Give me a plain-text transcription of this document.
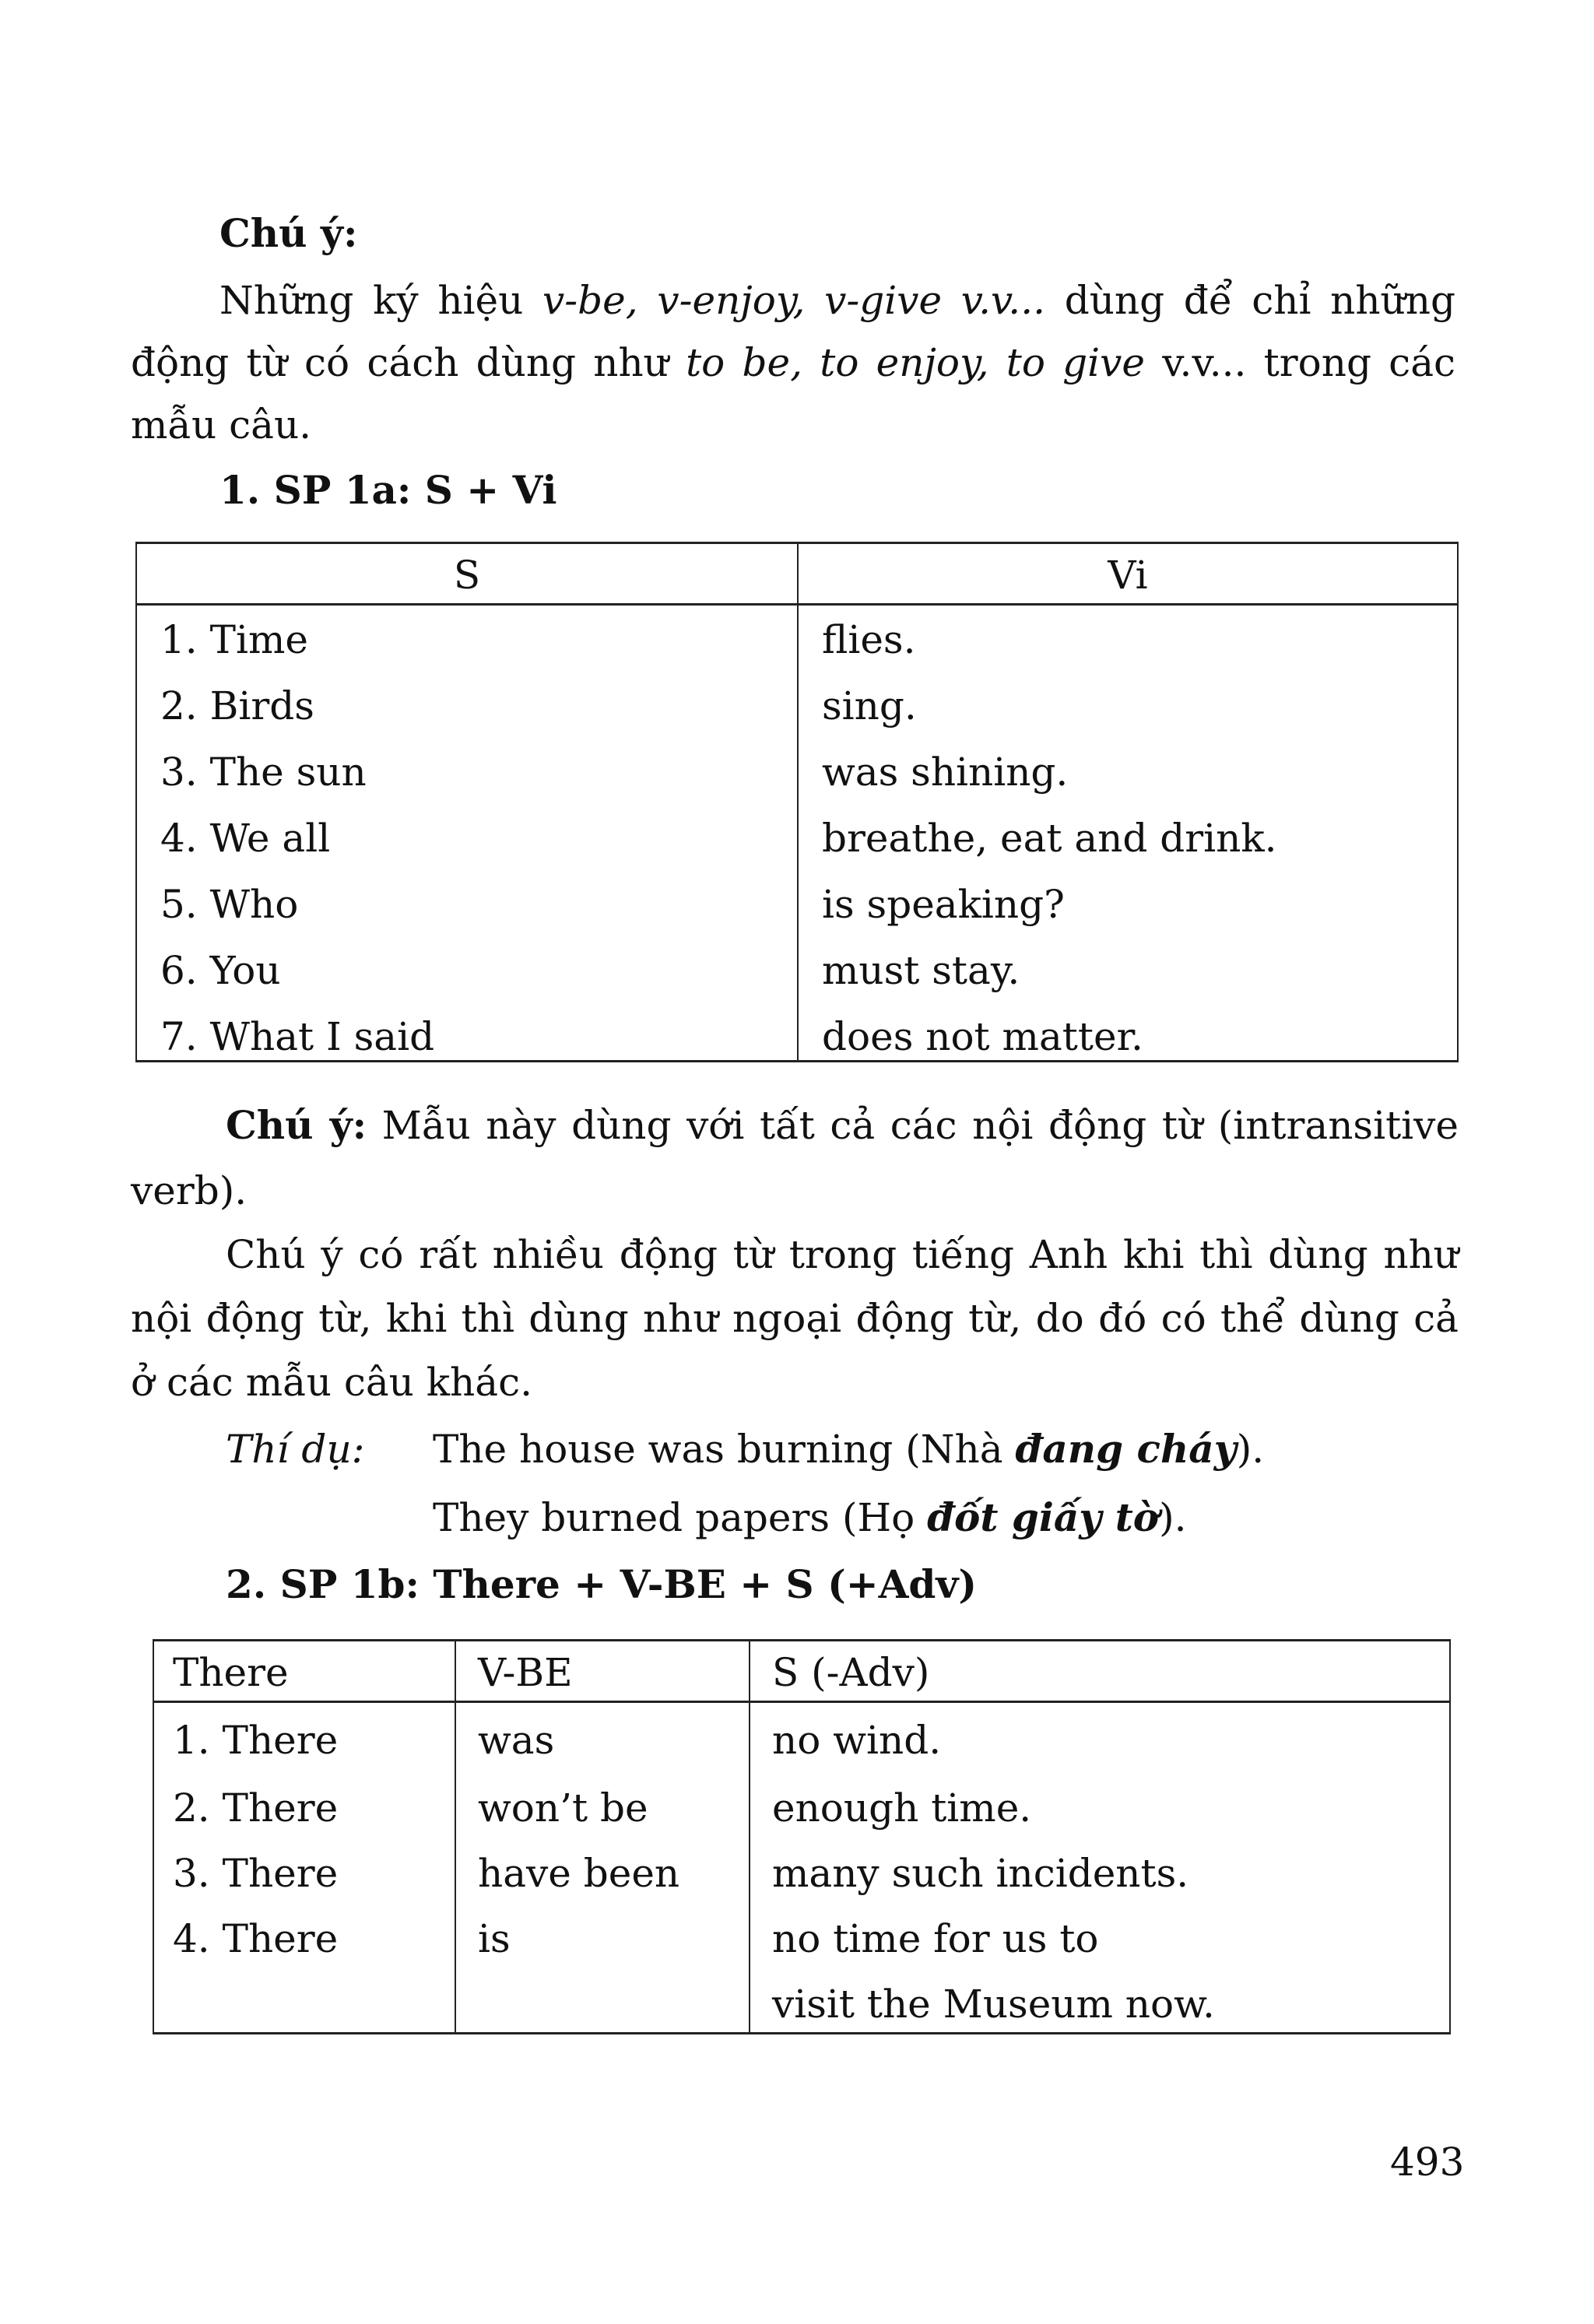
Chú ý:
Những ký hiệu v-be, v-enjoy, v-give v.v... dùng để chỉ những
động từ có cách dùng như to be, to enjoy, to give v.v... trong các
mẫu câu.
1. SP 1a: S + Vi
S	Vi
1. Time	flies.
2. Birds	sing.
3. The sun	was shining.
4. We all	breathe, eat and drink.
5. Who	is speaking?
6. You	must stay.
7. What I said	does not matter.
Chú ý: Mẫu này dùng với tất cả các nội động từ (intransitive
verb).
Chú ý có rất nhiều động từ trong tiếng Anh khi thì dùng như
nội động từ, khi thì dùng như ngoại động từ, do đó có thể dùng cả
ở các mẫu câu khác.
Thí dụ: The house was burning (Nhà đang cháy).
They burned papers (Họ đốt giấy tờ).
2. SP 1b: There + V-BE + S (+Adv)
There	V-BE	S (-Adv)
1. There	was	no wind.
2. There	won’t be	enough time.
3. There	have been	many such incidents.
4. There	is	no time for us to
		visit the Museum now.
493
